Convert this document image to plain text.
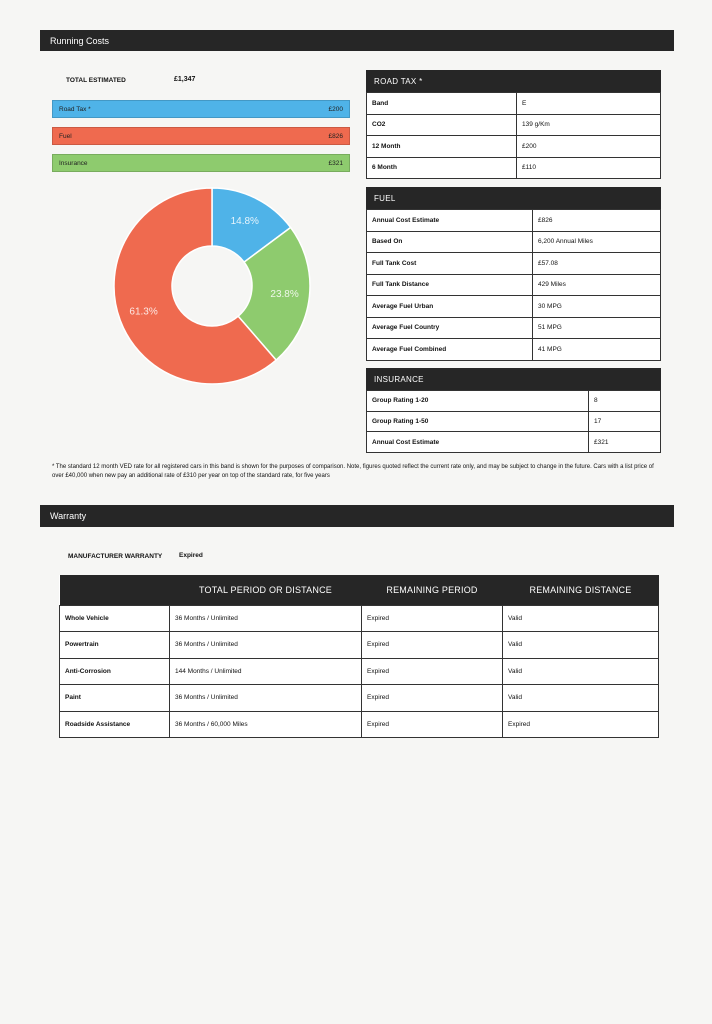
Running Costs
TOTAL ESTIMATED	£1,347
Road Tax *	£200
Fuel	£826
Insurance	£321
14.8%
23.8%
61.3%
ROAD TAX *
Band	E
CO2	139 g/Km
12 Month	£200
6 Month	£110
FUEL
Annual Cost Estimate	£826
Based On	6,200 Annual Miles
Full Tank Cost	£57.08
Full Tank Distance	429 Miles
Average Fuel Urban	30 MPG
Average Fuel Country	51 MPG
Average Fuel Combined	41 MPG
INSURANCE
Group Rating 1-20	8
Group Rating 1-50	17
Annual Cost Estimate	£321
* The standard 12 month VED rate for all registered cars in this band is shown for the purposes of comparison. Note, figures quoted reflect the current rate only, and may be subject to change in the future. Cars with a list price of over £40,000 when new pay an additional rate of £310 per year on top of the standard rate, for five years
Warranty
MANUFACTURER WARRANTY	Expired
	TOTAL PERIOD OR DISTANCE	REMAINING PERIOD	REMAINING DISTANCE
Whole Vehicle	36 Months / Unlimited	Expired	Valid
Powertrain	36 Months / Unlimited	Expired	Valid
Anti-Corrosion	144 Months / Unlimited	Expired	Valid
Paint	36 Months / Unlimited	Expired	Valid
Roadside Assistance	36 Months / 60,000 Miles	Expired	Expired
